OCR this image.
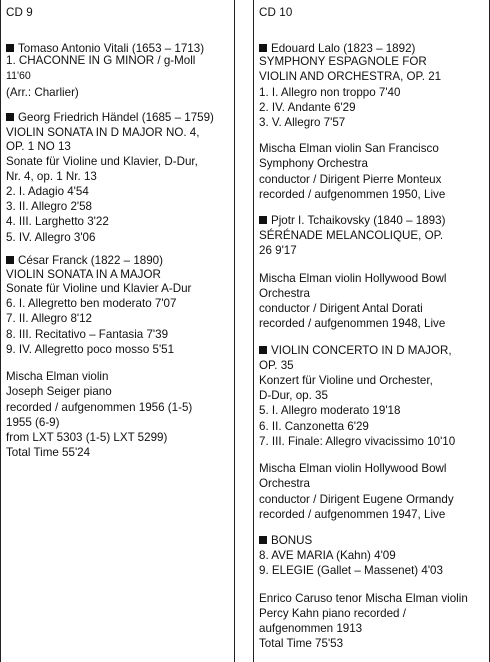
CD 9
Tomaso Antonio Vitali (1653 – 1713)
1. CHACONNE IN G MINOR / g-Moll
11'60
(Arr.: Charlier)
Georg Friedrich Händel (1685 – 1759)
VIOLIN SONATA IN D MAJOR NO. 4,
OP. 1 NO 13
Sonate für Violine und Klavier, D-Dur,
Nr. 4, op. 1 Nr. 13
2. I. Adagio 4'54
3. II. Allegro 2'58
4. III. Larghetto 3'22
5. IV. Allegro 3'06
César Franck (1822 – 1890)
VIOLIN SONATA IN A MAJOR
Sonate für Violine und Klavier A-Dur
6. I. Allegretto ben moderato 7'07
7. II. Allegro 8'12
8. III. Recitativo – Fantasia 7'39
9. IV. Allegretto poco mosso 5'51
Mischa Elman violin
Joseph Seiger piano
recorded / aufgenommen 1956 (1-5)
1955 (6-9)
from LXT 5303 (1-5) LXT 5299)
Total Time 55'24
CD 10
Edouard Lalo (1823 – 1892)
SYMPHONY ESPAGNOLE FOR
VIOLIN AND ORCHESTRA, OP. 21
1. I. Allegro non troppo 7'40
2. IV. Andante 6'29
3. V. Allegro 7'57
Mischa Elman violin San Francisco
Symphony Orchestra
conductor / Dirigent Pierre Monteux
recorded / aufgenommen 1950, Live
Pjotr I. Tchaikovsky (1840 – 1893)
SÉRÉNADE MELANCOLIQUE, OP.
26 9'17
Mischa Elman violin Hollywood Bowl
Orchestra
conductor / Dirigent Antal Dorati
recorded / aufgenommen 1948, Live
VIOLIN CONCERTO IN D MAJOR,
OP. 35
Konzert für Violine und Orchester,
D-Dur, op. 35
5. I. Allegro moderato 19'18
6. II. Canzonetta 6'29
7. III. Finale: Allegro vivacissimo 10'10
Mischa Elman violin Hollywood Bowl
Orchestra
conductor / Dirigent Eugene Ormandy
recorded / aufgenommen 1947, Live
BONUS
8. AVE MARIA (Kahn) 4'09
9. ELEGIE (Gallet – Massenet) 4'03
Enrico Caruso tenor Mischa Elman violin
Percy Kahn piano recorded /
aufgenommen 1913
Total Time 75'53
